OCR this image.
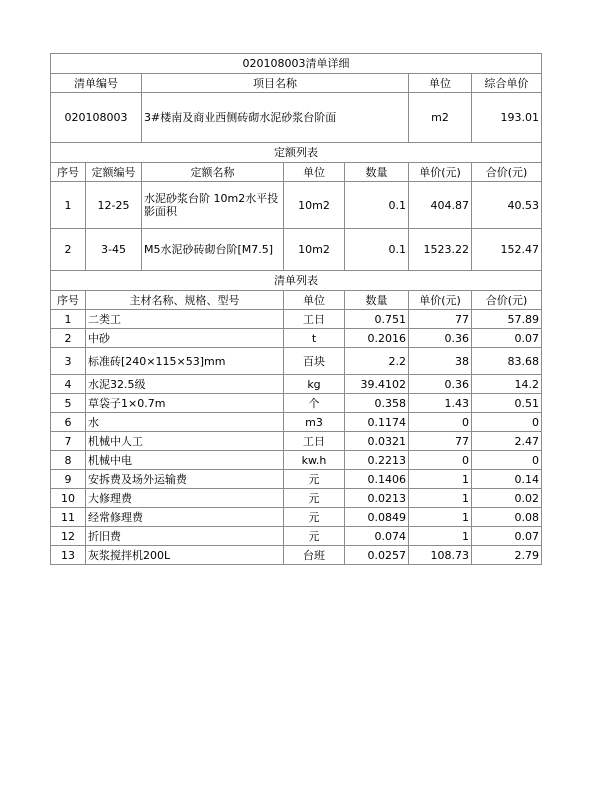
020108003清单详细						
清单编号		项目名称			单位	综合单价
020108003		3#楼南及商业西侧砖砌水泥砂浆台阶面			m2	193.01
定额列表						
序号	定额编号	定额名称	单位	数量	单价(元)	合价(元)
1	12-25	水泥砂浆台阶 10m2水平投影面积	10m2	0.1	404.87	40.53
2	3-45	M5水泥砂砖砌台阶[M7.5]	10m2	0.1	1523.22	152.47
清单列表						
序号	主材名称、规格、型号		单位	数量	单价(元)	合价(元)
1	二类工		工日	0.751	77	57.89
2	中砂		t	0.2016	0.36	0.07
3	标准砖[240×115×53]mm		百块	2.2	38	83.68
4	水泥32.5级		kg	39.4102	0.36	14.2
5	草袋子1×0.7m		个	0.358	1.43	0.51
6	水		m3	0.1174	0	0
7	机械中人工		工日	0.0321	77	2.47
8	机械中电		kw.h	0.2213	0	0
9	安拆费及场外运输费		元	0.1406	1	0.14
10	大修理费		元	0.0213	1	0.02
11	经常修理费		元	0.0849	1	0.08
12	折旧费		元	0.074	1	0.07
13	灰浆搅拌机200L		台班	0.0257	108.73	2.79
